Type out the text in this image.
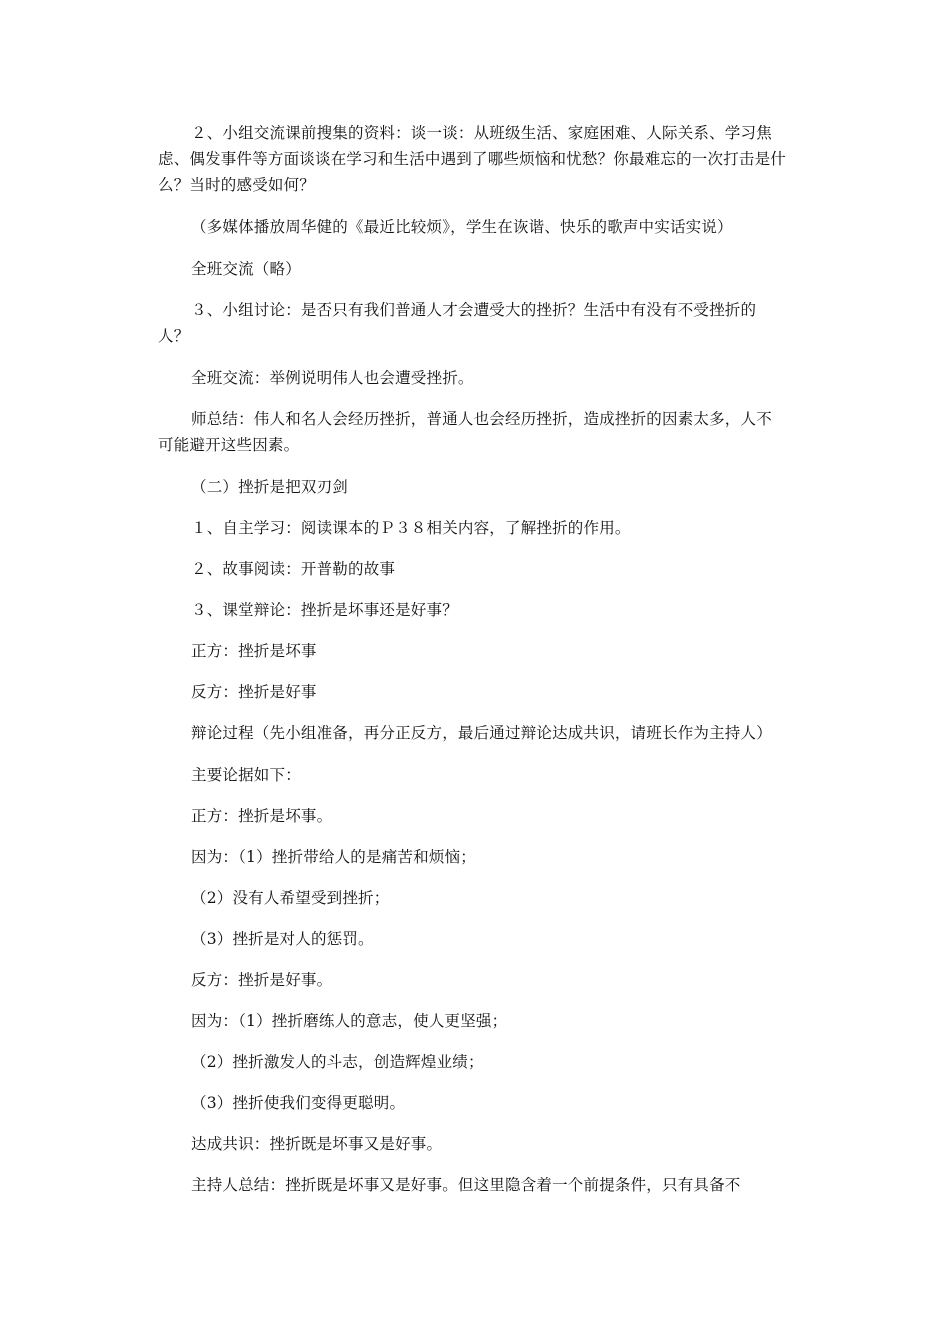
２、小组交流课前搜集的资料：谈一谈：从班级生活、家庭困难、人际关系、学习焦虑、偶发事件等方面谈谈在学习和生活中遇到了哪些烦恼和忧愁？你最难忘的一次打击是什么？当时的感受如何？

（多媒体播放周华健的《最近比较烦》，学生在诙谐、快乐的歌声中实话实说）

全班交流（略）

３、小组讨论：是否只有我们普通人才会遭受大的挫折？生活中有没有不受挫折的人？

全班交流：举例说明伟人也会遭受挫折。

师总结：伟人和名人会经历挫折，普通人也会经历挫折，造成挫折的因素太多，人不可能避开这些因素。

（二）挫折是把双刃剑

１、自主学习：阅读课本的Ｐ３８相关内容，了解挫折的作用。

２、故事阅读：开普勒的故事

３、课堂辩论：挫折是坏事还是好事？

正方：挫折是坏事

反方：挫折是好事

辩论过程（先小组准备，再分正反方，最后通过辩论达成共识，请班长作为主持人）

主要论据如下：

正方：挫折是坏事。

因为：（1）挫折带给人的是痛苦和烦恼；

（2）没有人希望受到挫折；

（3）挫折是对人的惩罚。

反方：挫折是好事。

因为：（1）挫折磨练人的意志，使人更坚强；

（2）挫折激发人的斗志，创造辉煌业绩；

（3）挫折使我们变得更聪明。

达成共识：挫折既是坏事又是好事。

主持人总结：挫折既是坏事又是好事。但这里隐含着一个前提条件，只有具备不
